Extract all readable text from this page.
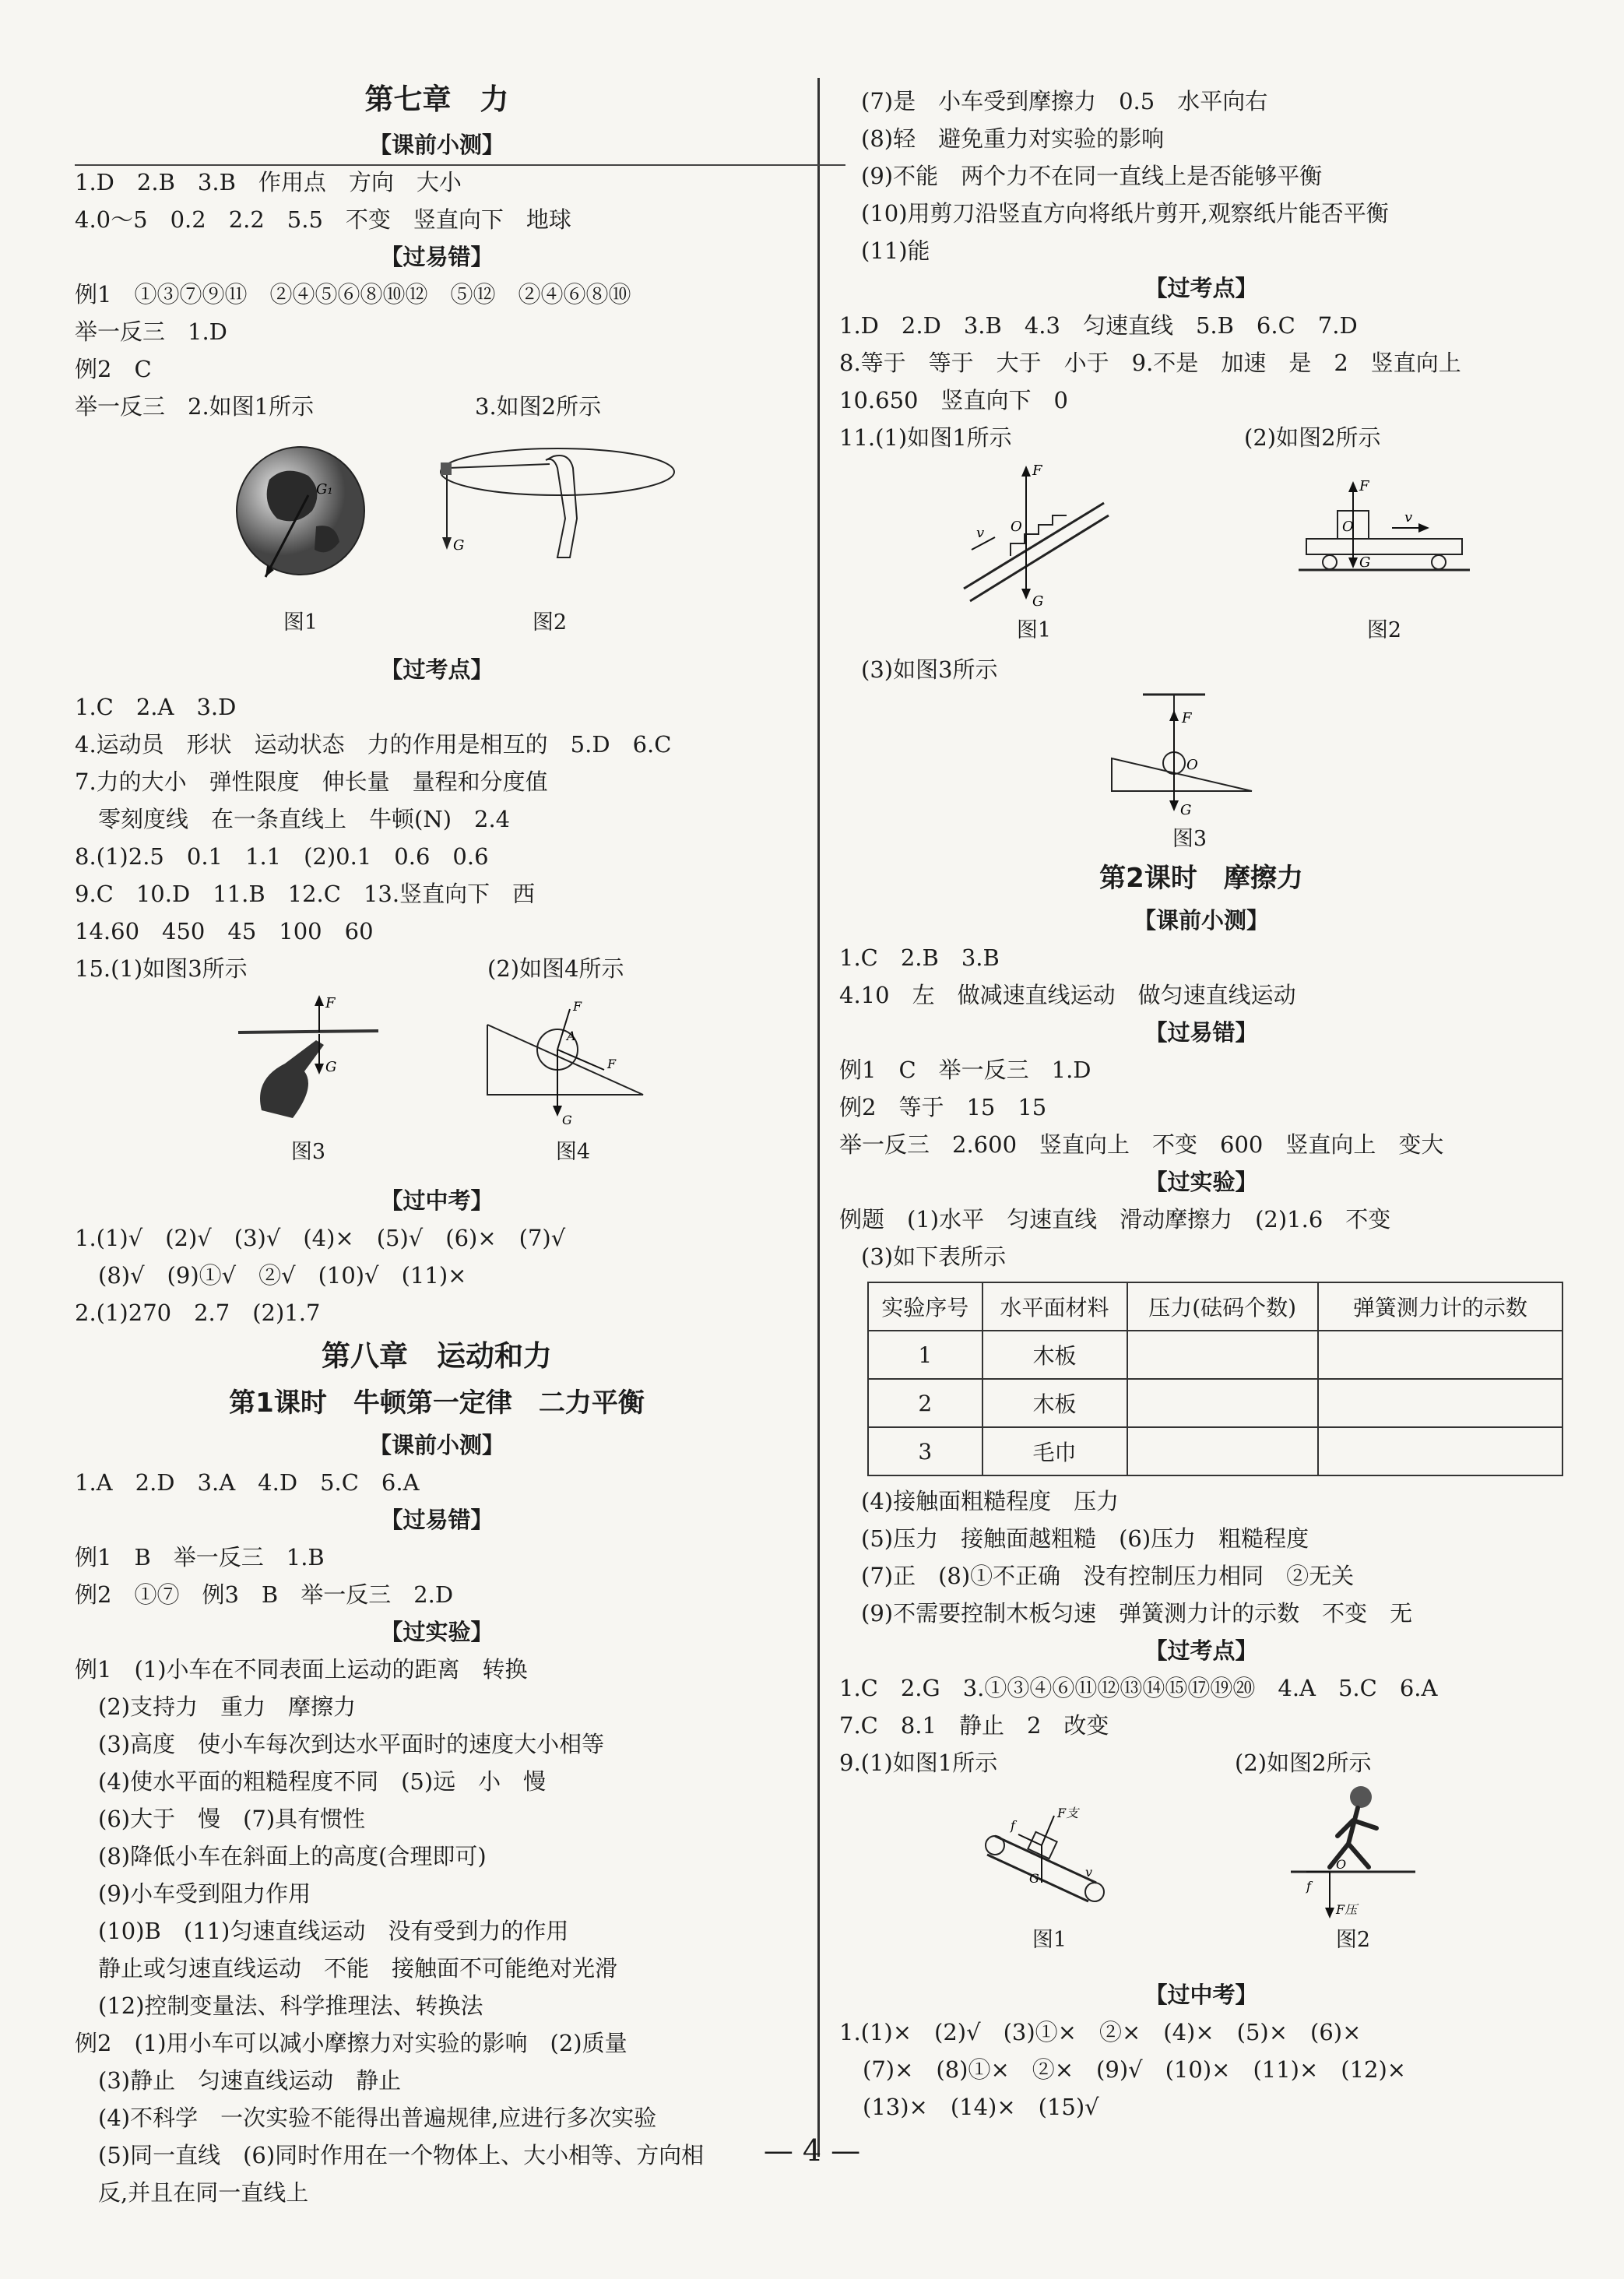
第七章　力
【课前小测】
1.D　2.B　3.B　作用点　方向　大小
4.0～5　0.2　2.2　5.5　不变　竖直向下　地球
【过易错】
例1　①③⑦⑨⑪　②④⑤⑥⑧⑩⑫　⑤⑫　②④⑥⑧⑩
举一反三　1.D
例2　C
举一反三　2.如图1所示	3.如图2所示
G₁
图1
G
图2
【过考点】
1.C　2.A　3.D
4.运动员　形状　运动状态　力的作用是相互的　5.D　6.C
7.力的大小　弹性限度　伸长量　量程和分度值
零刻度线　在一条直线上　牛顿(N)　2.4
8.(1)2.5　0.1　1.1　(2)0.1　0.6　0.6
9.C　10.D　11.B　12.C　13.竖直向下　西
14.60　450　45　100　60
15.(1)如图3所示	(2)如图4所示
F
G
图3
F
A
F
G
图4
【过中考】
1.(1)√　(2)√　(3)√　(4)×　(5)√　(6)×　(7)√
(8)√　(9)①√　②√　(10)√　(11)×
2.(1)270　2.7　(2)1.7
第八章　运动和力
第1课时　牛顿第一定律　二力平衡
【课前小测】
1.A　2.D　3.A　4.D　5.C　6.A
【过易错】
例1　B　举一反三　1.B
例2　①⑦　例3　B　举一反三　2.D
【过实验】
例1　(1)小车在不同表面上运动的距离　转换
(2)支持力　重力　摩擦力
(3)高度　使小车每次到达水平面时的速度大小相等
(4)使水平面的粗糙程度不同　(5)远　小　慢
(6)大于　慢　(7)具有惯性
(8)降低小车在斜面上的高度(合理即可)
(9)小车受到阻力作用
(10)B　(11)匀速直线运动　没有受到力的作用
静止或匀速直线运动　不能　接触面不可能绝对光滑
(12)控制变量法、科学推理法、转换法
例2　(1)用小车可以减小摩擦力对实验的影响　(2)质量
(3)静止　匀速直线运动　静止
(4)不科学　一次实验不能得出普遍规律,应进行多次实验
(5)同一直线　(6)同时作用在一个物体上、大小相等、方向相
反,并且在同一直线上
(7)是　小车受到摩擦力　0.5　水平向右
(8)轻　避免重力对实验的影响
(9)不能　两个力不在同一直线上是否能够平衡
(10)用剪刀沿竖直方向将纸片剪开,观察纸片能否平衡
(11)能
【过考点】
1.D　2.D　3.B　4.3　匀速直线　5.B　6.C　7.D
8.等于　等于　大于　小于　9.不是　加速　是　2　竖直向上
10.650　竖直向下　0
11.(1)如图1所示	(2)如图2所示
F
O
G
v
图1
F
O
G
v
图2
(3)如图3所示
F
O
G
图3
第2课时　摩擦力
【课前小测】
1.C　2.B　3.B
4.10　左　做减速直线运动　做匀速直线运动
【过易错】
例1　C　举一反三　1.D
例2　等于　15　15
举一反三　2.600　竖直向上　不变　600　竖直向上　变大
【过实验】
例题　(1)水平　匀速直线　滑动摩擦力　(2)1.6　不变
(3)如下表所示
实验序号	水平面材料	压力(砝码个数)	弹簧测力计的示数
1	木板		
2	木板		
3	毛巾		
(4)接触面粗糙程度　压力
(5)压力　接触面越粗糙　(6)压力　粗糙程度
(7)正　(8)①不正确　没有控制压力相同　②无关
(9)不需要控制木板匀速　弹簧测力计的示数　不变　无
【过考点】
1.C　2.G　3.①③④⑥⑪⑫⑬⑭⑮⑰⑲⑳　4.A　5.C　6.A
7.C　8.1　静止　2　改变
9.(1)如图1所示	(2)如图2所示
f
F支
G	v
图1
f
O
F压
图2
【过中考】
1.(1)×　(2)√　(3)①×　②×　(4)×　(5)×　(6)×
(7)×　(8)①×　②×　(9)√　(10)×　(11)×　(12)×
(13)×　(14)×　(15)√
— 4 —
